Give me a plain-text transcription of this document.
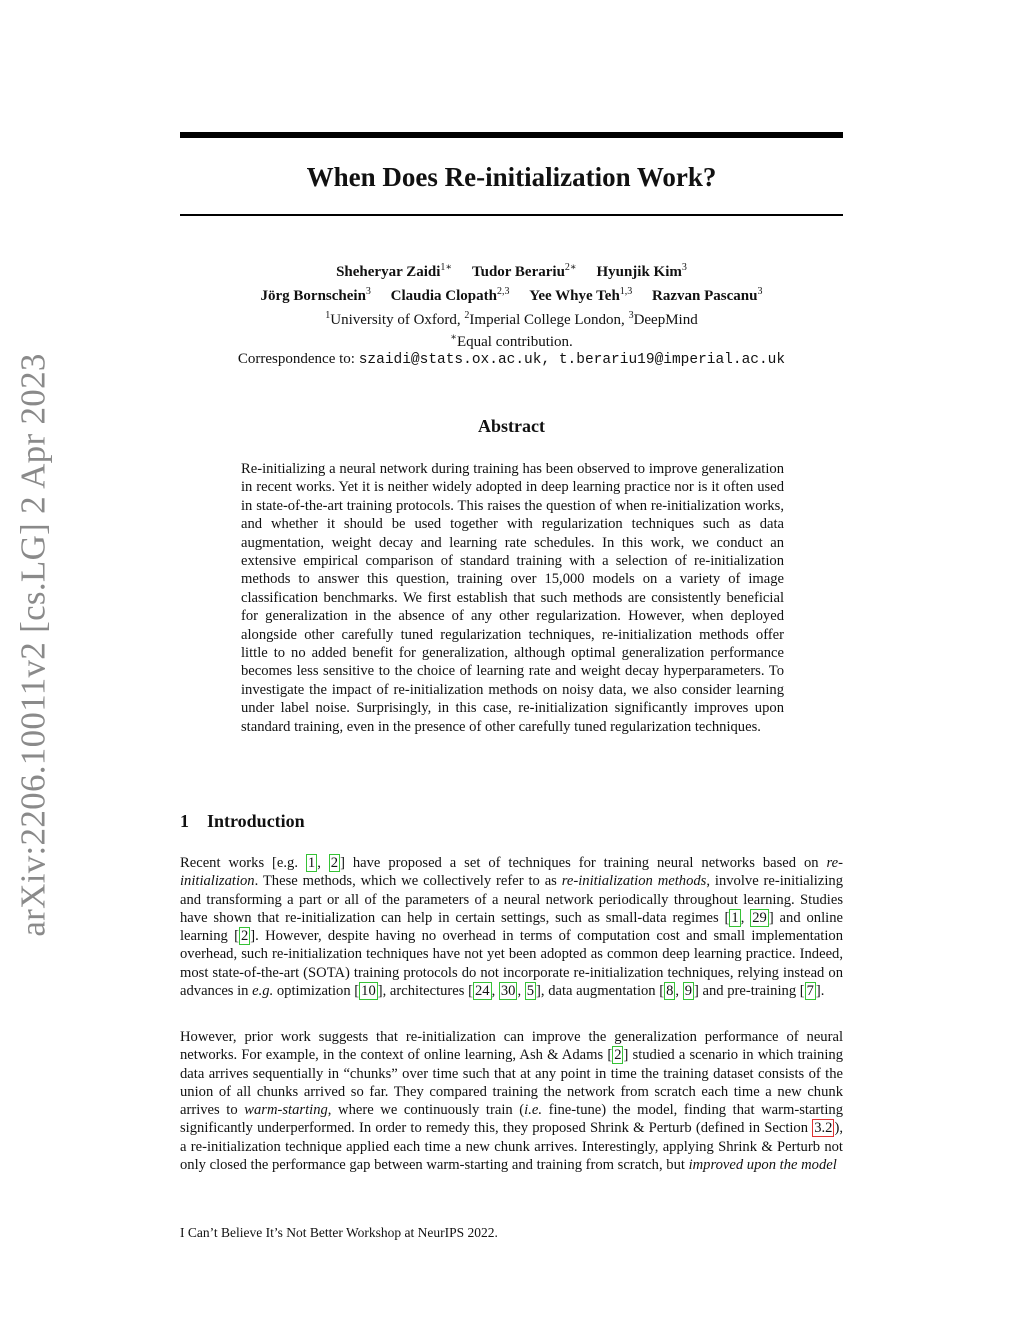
arXiv:2206.10011v2 [cs.LG] 2 Apr 2023
When Does Re-initialization Work?
Sheheryar Zaidi$^{1∗}$ Tudor Berariu$^{2∗}$ Hyunjik Kim$^3$
Jörg Bornschein$^3$ Claudia Clopath$^{2,3}$ Yee Whye Teh$^{1,3}$ Razvan Pascanu$^3$
$^1$University of Oxford, $^2$Imperial College London, $^3$DeepMind
∗Equal contribution.
Correspondence to: szaidi@stats.ox.ac.uk, t.berariu19@imperial.ac.uk
Abstract

Re-initializing a neural network during training has been observed to improve generalization in recent works. Yet it is neither widely adopted in deep learning practice nor is it often used in state-of-the-art training protocols. This raises the question of when re-initialization works, and whether it should be used together with regularization techniques such as data augmentation, weight decay and learning rate schedules. In this work, we conduct an extensive empirical comparison of standard training with a selection of re-initialization methods to answer this question, training over 15,000 models on a variety of image classification benchmarks. We first establish that such methods are consistently beneficial for generalization in the absence of any other regularization. However, when deployed alongside other carefully tuned regularization techniques, re-initialization methods offer little to no added benefit for generalization, although optimal generalization performance becomes less sensitive to the choice of learning rate and weight decay hyperparameters. To investigate the impact of re-initialization methods on noisy data, we also consider learning under label noise. Surprisingly, in this case, re-initialization significantly improves upon standard training, even in the presence of other carefully tuned regularization techniques.

1 Introduction

Recent works [e.g. 1 , 2 ] have proposed a set of techniques for training neural networks based on re-initialization. These methods, which we collectively refer to as re-initialization methods, involve re-initializing and transforming a part or all of the parameters of a neural network periodically throughout learning. Studies have shown that re-initialization can help in certain settings, such as small-data regimes [ 1 , 29 ] and online learning [ 2 ]. However, despite having no overhead in terms of computation cost and small implementation overhead, such re-initialization techniques have not yet been adopted as common deep learning practice. Indeed, most state-of-the-art (SOTA) training protocols do not incorporate re-initialization techniques, relying instead on advances in e.g. optimization [ 10 ], architectures [ 24 , 30 , 5 ], data augmentation [ 8 , 9 ] and pre-training [ 7 ].

However, prior work suggests that re-initialization can improve the generalization performance of neural networks. For example, in the context of online learning, Ash & Adams [ 2 ] studied a scenario in which training data arrives sequentially in “chunks” over time such that at any point in time the training dataset consists of the union of all chunks arrived so far. They compared training the network from scratch each time a new chunk arrives to warm-starting, where we continuously train (i.e. fine-tune) the model, finding that warm-starting significantly underperformed. In order to remedy this, they proposed Shrink & Perturb (defined in Section 3.2 ), a re-initialization technique applied each time a new chunk arrives. Interestingly, applying Shrink & Perturb not only closed the performance gap between warm-starting and training from scratch, but improved upon the model

I Can’t Believe It’s Not Better Workshop at NeurIPS 2022.
